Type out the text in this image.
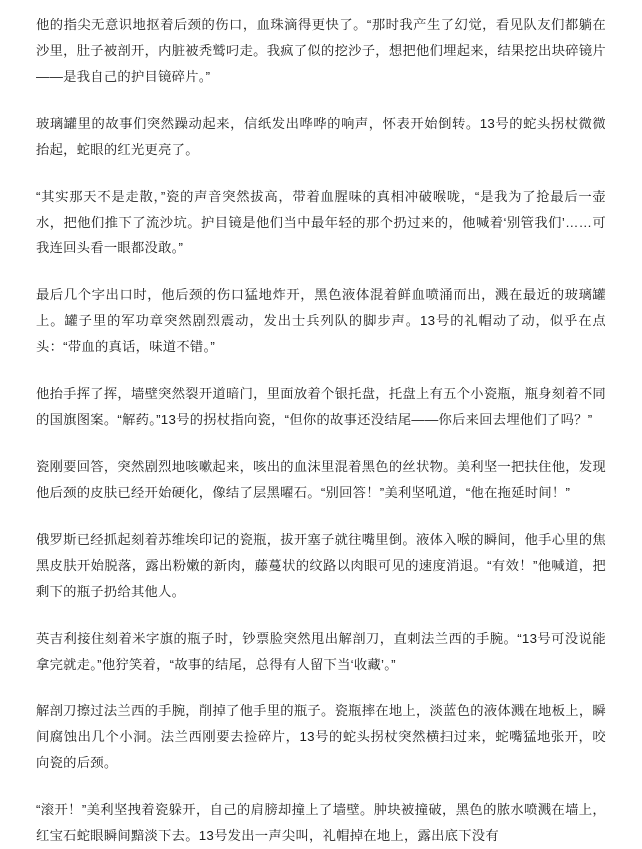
他的指尖无意识地抠着后颈的伤口，血珠滴得更快了。“那时我产生了幻觉，看见队友们都躺在沙里，肚子被剖开，内脏被秃鹫叼走。我疯了似的挖沙子，想把他们埋起来，结果挖出块碎镜片——是我自己的护目镜碎片。”

玻璃罐里的故事们突然躁动起来，信纸发出哗哗的响声，怀表开始倒转。13号的蛇头拐杖微微抬起，蛇眼的红光更亮了。

“其实那天不是走散，”瓷的声音突然拔高，带着血腥味的真相冲破喉咙，“是我为了抢最后一壶水，把他们推下了流沙坑。护目镜是他们当中最年轻的那个扔过来的，他喊着‘别管我们’……可我连回头看一眼都没敢。”

最后几个字出口时，他后颈的伤口猛地炸开，黑色液体混着鲜血喷涌而出，溅在最近的玻璃罐上。罐子里的军功章突然剧烈震动，发出士兵列队的脚步声。13号的礼帽动了动，似乎在点头：“带血的真话，味道不错。”

他抬手挥了挥，墙壁突然裂开道暗门，里面放着个银托盘，托盘上有五个小瓷瓶，瓶身刻着不同的国旗图案。“解药。”13号的拐杖指向瓷，“但你的故事还没结尾——你后来回去埋他们了吗？”

瓷刚要回答，突然剧烈地咳嗽起来，咳出的血沫里混着黑色的丝状物。美利坚一把扶住他，发现他后颈的皮肤已经开始硬化，像结了层黑曜石。“别回答！”美利坚吼道，“他在拖延时间！”

俄罗斯已经抓起刻着苏维埃印记的瓷瓶，拔开塞子就往嘴里倒。液体入喉的瞬间，他手心里的焦黑皮肤开始脱落，露出粉嫩的新肉，藤蔓状的纹路以肉眼可见的速度消退。“有效！”他喊道，把剩下的瓶子扔给其他人。

英吉利接住刻着米字旗的瓶子时，钞票脸突然甩出解剖刀，直刺法兰西的手腕。“13号可没说能拿完就走。”他狞笑着，“故事的结尾，总得有人留下当‘收藏’。”

解剖刀擦过法兰西的手腕，削掉了他手里的瓶子。瓷瓶摔在地上，淡蓝色的液体溅在地板上，瞬间腐蚀出几个小洞。法兰西刚要去捡碎片，13号的蛇头拐杖突然横扫过来，蛇嘴猛地张开，咬向瓷的后颈。

“滚开！”美利坚拽着瓷躲开，自己的肩膀却撞上了墙壁。肿块被撞破，黑色的脓水喷溅在墙上，红宝石蛇眼瞬间黯淡下去。13号发出一声尖叫，礼帽掉在地上，露出底下没有
